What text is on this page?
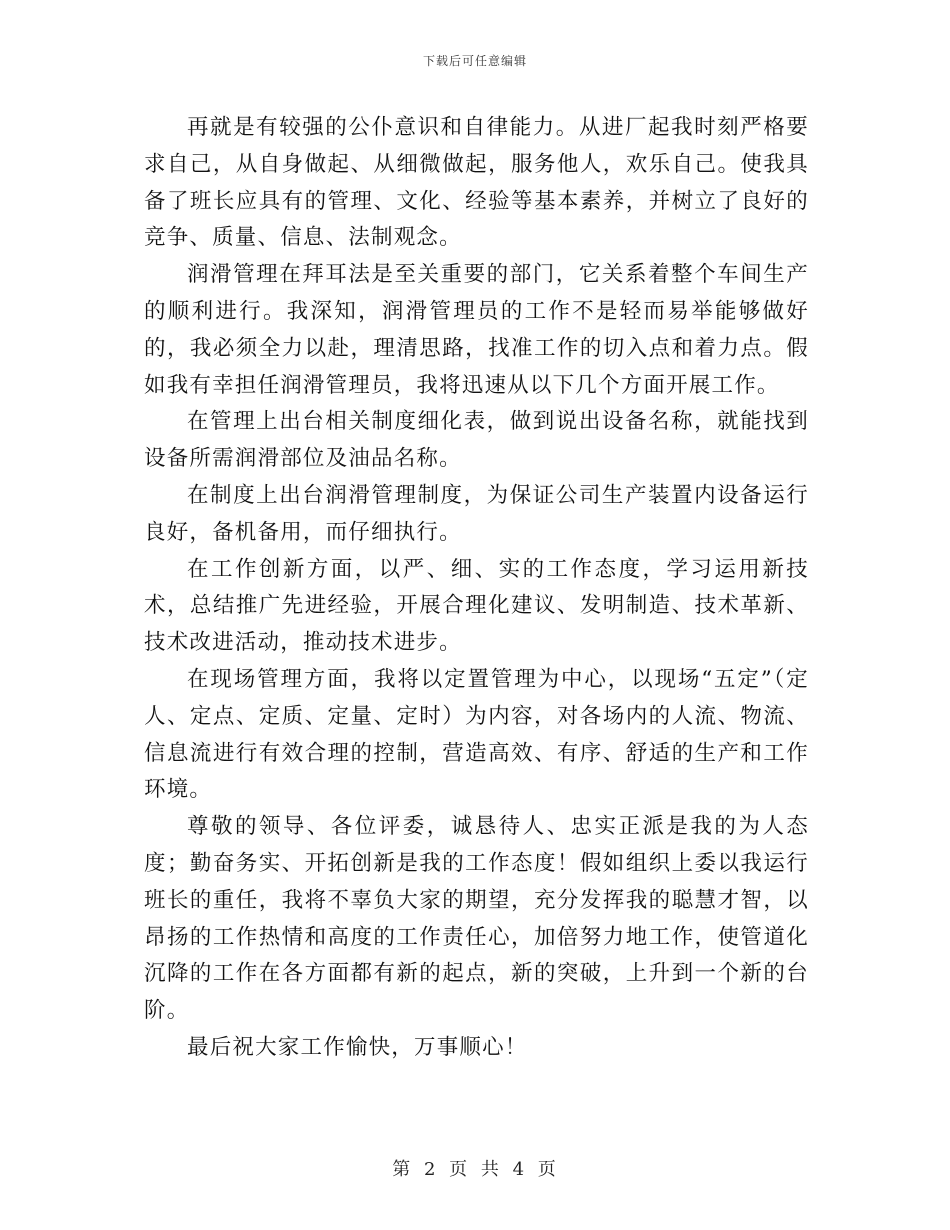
下载后可任意编辑

再就是有较强的公仆意识和自律能力。从进厂起我时刻严格要求自己，从自身做起、从细微做起，服务他人，欢乐自己。使我具备了班长应具有的管理、文化、经验等基本素养，并树立了良好的竞争、质量、信息、法制观念。

润滑管理在拜耳法是至关重要的部门，它关系着整个车间生产的顺利进行。我深知，润滑管理员的工作不是轻而易举能够做好的，我必须全力以赴，理清思路，找准工作的切入点和着力点。假如我有幸担任润滑管理员，我将迅速从以下几个方面开展工作。

在管理上出台相关制度细化表，做到说出设备名称，就能找到设备所需润滑部位及油品名称。

在制度上出台润滑管理制度，为保证公司生产装置内设备运行良好，备机备用，而仔细执行。

在工作创新方面，以严、细、实的工作态度，学习运用新技术，总结推广先进经验，开展合理化建议、发明制造、技术革新、技术改进活动，推动技术进步。

在现场管理方面，我将以定置管理为中心，以现场“五定”（定人、定点、定质、定量、定时）为内容，对各场内的人流、物流、信息流进行有效合理的控制，营造高效、有序、舒适的生产和工作环境。

尊敬的领导、各位评委，诚恳待人、忠实正派是我的为人态度；勤奋务实、开拓创新是我的工作态度！假如组织上委以我运行班长的重任，我将不辜负大家的期望，充分发挥我的聪慧才智，以昂扬的工作热情和高度的工作责任心，加倍努力地工作，使管道化沉降的工作在各方面都有新的起点，新的突破，上升到一个新的台阶。

最后祝大家工作愉快，万事顺心！

第 2 页 共 4 页
